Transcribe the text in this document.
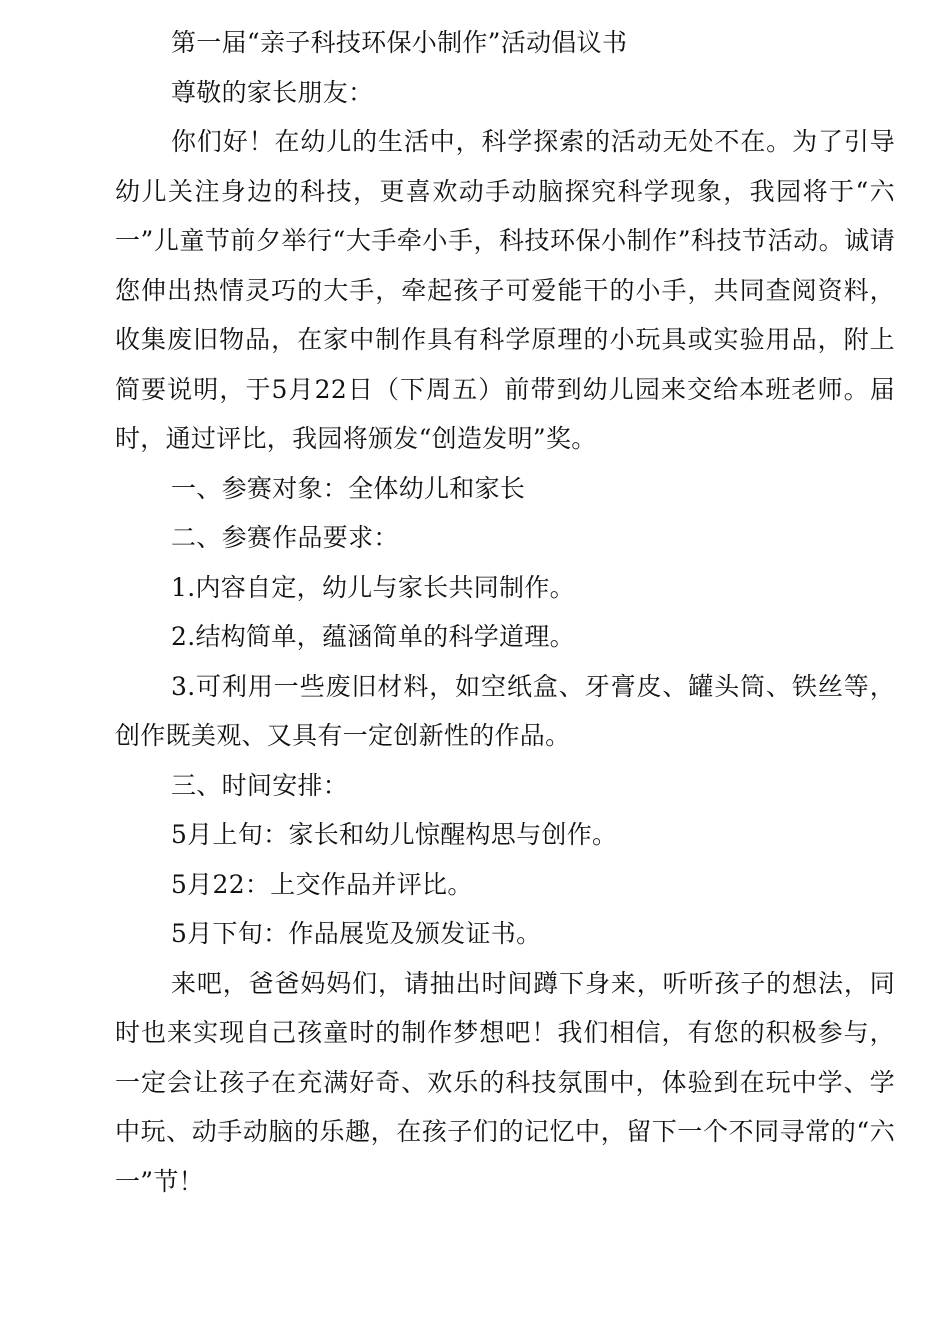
第一届“亲子科技环保小制作”活动倡议书

尊敬的家长朋友：

你们好！在幼儿的生活中，科学探索的活动无处不在。为了引导幼儿关注身边的科技，更喜欢动手动脑探究科学现象，我园将于“六一”儿童节前夕举行“大手牵小手，科技环保小制作”科技节活动。诚请您伸出热情灵巧的大手，牵起孩子可爱能干的小手，共同查阅资料，收集废旧物品，在家中制作具有科学原理的小玩具或实验用品，附上简要说明，于5月22日（下周五）前带到幼儿园来交给本班老师。届时，通过评比，我园将颁发“创造发明”奖。

一、参赛对象：全体幼儿和家长

二、参赛作品要求：

1.内容自定，幼儿与家长共同制作。

2.结构简单，蕴涵简单的科学道理。

3.可利用一些废旧材料，如空纸盒、牙膏皮、罐头筒、铁丝等，创作既美观、又具有一定创新性的作品。

三、时间安排：

5月上旬：家长和幼儿惊醒构思与创作。

5月22：上交作品并评比。

5月下旬：作品展览及颁发证书。

来吧，爸爸妈妈们，请抽出时间蹲下身来，听听孩子的想法，同时也来实现自己孩童时的制作梦想吧！我们相信，有您的积极参与，一定会让孩子在充满好奇、欢乐的科技氛围中，体验到在玩中学、学中玩、动手动脑的乐趣，在孩子们的记忆中，留下一个不同寻常的“六一”节！
